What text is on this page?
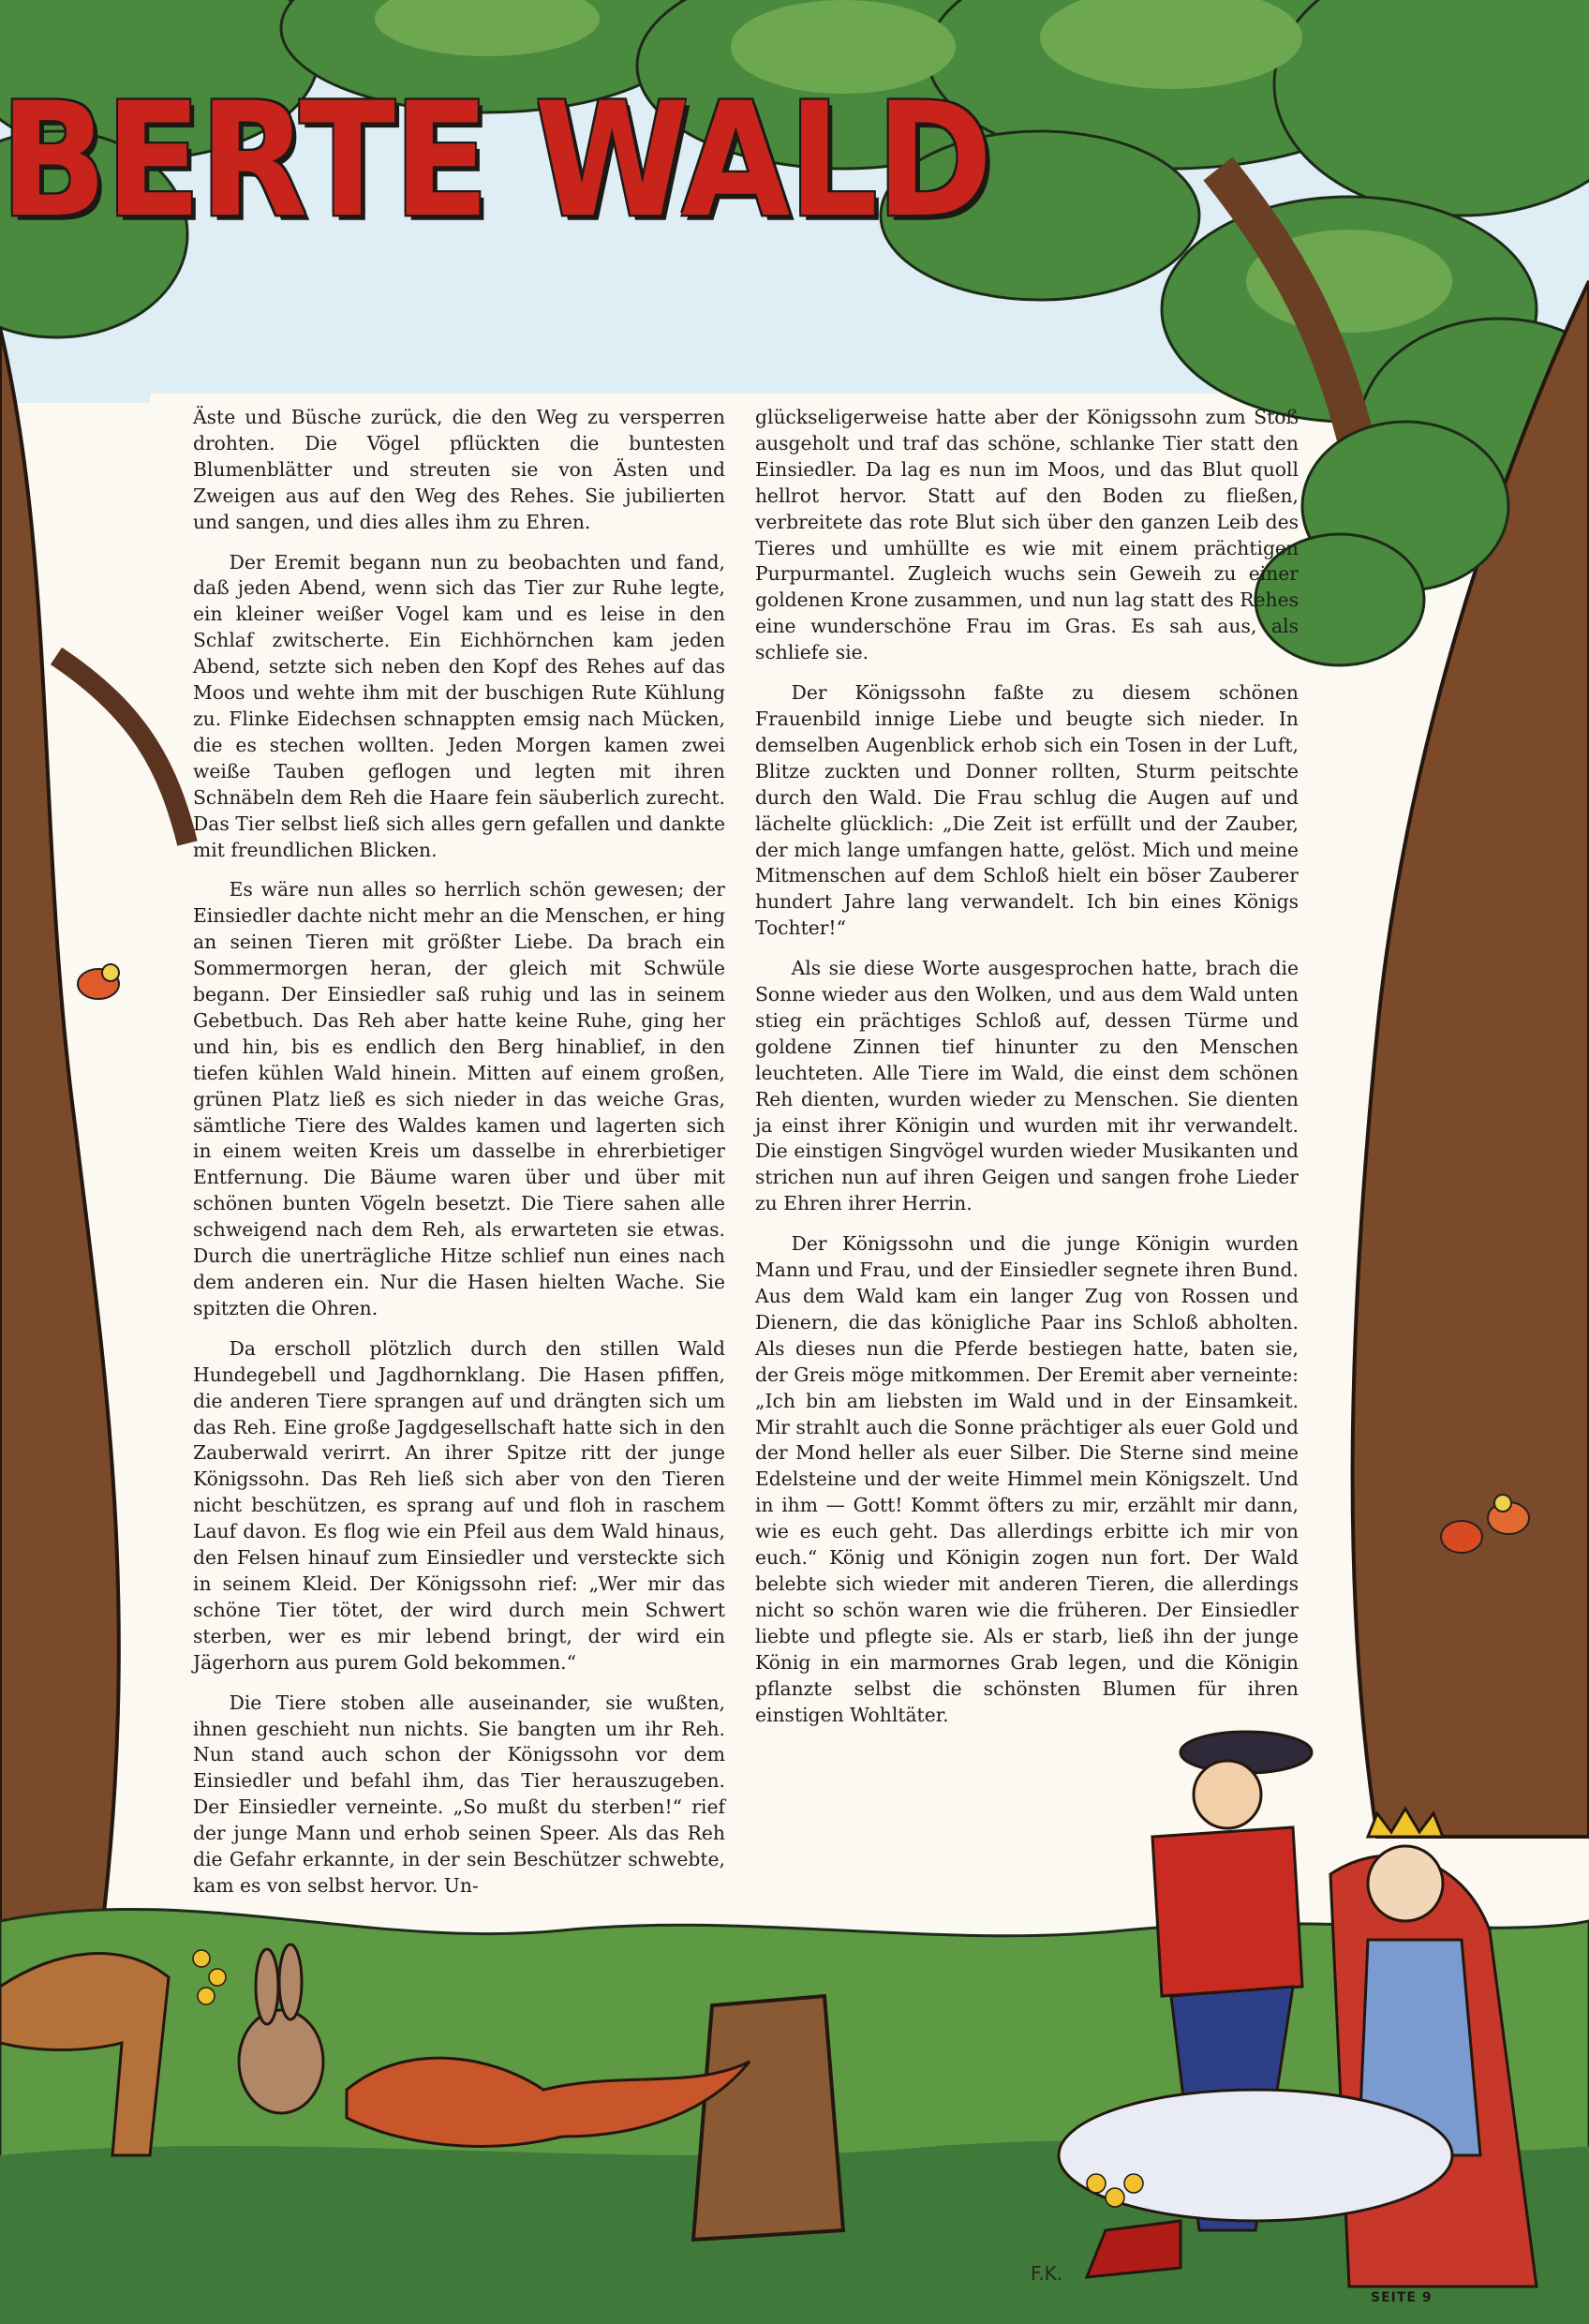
BERTE WALD

Äste und Büsche zurück, die den Weg zu versperren drohten. Die Vögel pflückten die buntesten Blumenblätter und streuten sie von Ästen und Zweigen aus auf den Weg des Rehes. Sie jubilierten und sangen, und dies alles ihm zu Ehren.

Der Eremit begann nun zu beobachten und fand, daß jeden Abend, wenn sich das Tier zur Ruhe legte, ein kleiner weißer Vogel kam und es leise in den Schlaf zwitscherte. Ein Eichhörnchen kam jeden Abend, setzte sich neben den Kopf des Rehes auf das Moos und wehte ihm mit der buschigen Rute Kühlung zu. Flinke Eidechsen schnappten emsig nach Mücken, die es stechen wollten. Jeden Morgen kamen zwei weiße Tauben geflogen und legten mit ihren Schnäbeln dem Reh die Haare fein säuberlich zurecht. Das Tier selbst ließ sich alles gern gefallen und dankte mit freundlichen Blicken.

Es wäre nun alles so herrlich schön gewesen; der Einsiedler dachte nicht mehr an die Menschen, er hing an seinen Tieren mit größter Liebe. Da brach ein Sommermorgen heran, der gleich mit Schwüle begann. Der Einsiedler saß ruhig und las in seinem Gebetbuch. Das Reh aber hatte keine Ruhe, ging her und hin, bis es endlich den Berg hinablief, in den tiefen kühlen Wald hinein. Mitten auf einem großen, grünen Platz ließ es sich nieder in das weiche Gras, sämtliche Tiere des Waldes kamen und lagerten sich in einem weiten Kreis um dasselbe in ehrerbietiger Entfernung. Die Bäume waren über und über mit schönen bunten Vögeln besetzt. Die Tiere sahen alle schweigend nach dem Reh, als erwarteten sie etwas. Durch die unerträgliche Hitze schlief nun eines nach dem anderen ein. Nur die Hasen hielten Wache. Sie spitzten die Ohren.

Da erscholl plötzlich durch den stillen Wald Hundegebell und Jagdhornklang. Die Hasen pfiffen, die anderen Tiere sprangen auf und drängten sich um das Reh. Eine große Jagdgesellschaft hatte sich in den Zauberwald verirrt. An ihrer Spitze ritt der junge Königssohn. Das Reh ließ sich aber von den Tieren nicht beschützen, es sprang auf und floh in raschem Lauf davon. Es flog wie ein Pfeil aus dem Wald hinaus, den Felsen hinauf zum Einsiedler und versteckte sich in seinem Kleid. Der Königssohn rief: „Wer mir das schöne Tier tötet, der wird durch mein Schwert sterben, wer es mir lebend bringt, der wird ein Jägerhorn aus purem Gold bekommen.“

Die Tiere stoben alle auseinander, sie wußten, ihnen geschieht nun nichts. Sie bangten um ihr Reh. Nun stand auch schon der Königssohn vor dem Einsiedler und befahl ihm, das Tier herauszugeben. Der Einsiedler verneinte. „So mußt du sterben!“ rief der junge Mann und erhob seinen Speer. Als das Reh die Gefahr erkannte, in der sein Beschützer schwebte, kam es von selbst hervor. Un-

glückseligerweise hatte aber der Königssohn zum Stoß ausgeholt und traf das schöne, schlanke Tier statt den Einsiedler. Da lag es nun im Moos, und das Blut quoll hellrot hervor. Statt auf den Boden zu fließen, verbreitete das rote Blut sich über den ganzen Leib des Tieres und umhüllte es wie mit einem prächtigen Purpurmantel. Zugleich wuchs sein Geweih zu einer goldenen Krone zusammen, und nun lag statt des Rehes eine wunderschöne Frau im Gras. Es sah aus, als schliefe sie.

Der Königssohn faßte zu diesem schönen Frauenbild innige Liebe und beugte sich nieder. In demselben Augenblick erhob sich ein Tosen in der Luft, Blitze zuckten und Donner rollten, Sturm peitschte durch den Wald. Die Frau schlug die Augen auf und lächelte glücklich: „Die Zeit ist erfüllt und der Zauber, der mich lange umfangen hatte, gelöst. Mich und meine Mitmenschen auf dem Schloß hielt ein böser Zauberer hundert Jahre lang verwandelt. Ich bin eines Königs Tochter!“

Als sie diese Worte ausgesprochen hatte, brach die Sonne wieder aus den Wolken, und aus dem Wald unten stieg ein prächtiges Schloß auf, dessen Türme und goldene Zinnen tief hinunter zu den Menschen leuchteten. Alle Tiere im Wald, die einst dem schönen Reh dienten, wurden wieder zu Menschen. Sie dienten ja einst ihrer Königin und wurden mit ihr verwandelt. Die einstigen Singvögel wurden wieder Musikanten und strichen nun auf ihren Geigen und sangen frohe Lieder zu Ehren ihrer Herrin.

Der Königssohn und die junge Königin wurden Mann und Frau, und der Einsiedler segnete ihren Bund. Aus dem Wald kam ein langer Zug von Rossen und Dienern, die das königliche Paar ins Schloß abholten. Als dieses nun die Pferde bestiegen hatte, baten sie, der Greis möge mitkommen. Der Eremit aber verneinte: „Ich bin am liebsten im Wald und in der Einsamkeit. Mir strahlt auch die Sonne prächtiger als euer Gold und der Mond heller als euer Silber. Die Sterne sind meine Edelsteine und der weite Himmel mein Königszelt. Und in ihm — Gott! Kommt öfters zu mir, erzählt mir dann, wie es euch geht. Das allerdings erbitte ich mir von euch.“ König und Königin zogen nun fort. Der Wald belebte sich wieder mit anderen Tieren, die allerdings nicht so schön waren wie die früheren. Der Einsiedler liebte und pflegte sie. Als er starb, ließ ihn der junge König in ein marmornes Grab legen, und die Königin pflanzte selbst die schönsten Blumen für ihren einstigen Wohltäter.

F.K.
SEITE 9
